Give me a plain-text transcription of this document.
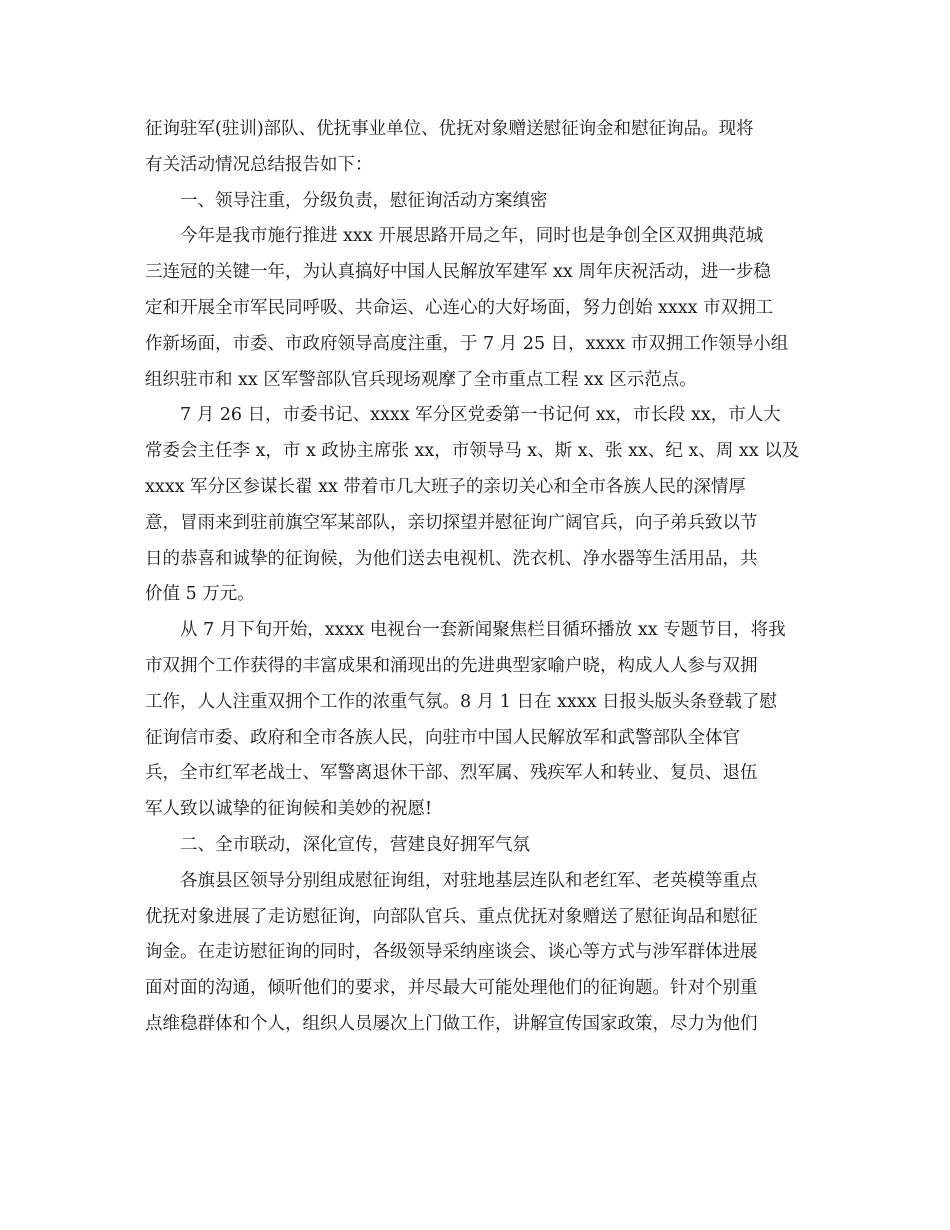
征询驻军(驻训)部队、优抚事业单位、优抚对象赠送慰征询金和慰征询品。现将
有关活动情况总结报告如下：
一、领导注重，分级负责，慰征询活动方案缜密
今年是我市施行推进 xxx 开展思路开局之年，同时也是争创全区双拥典范城
三连冠的关键一年，为认真搞好中国人民解放军建军 xx 周年庆祝活动，进一步稳
定和开展全市军民同呼吸、共命运、心连心的大好场面，努力创始 xxxx 市双拥工
作新场面，市委、市政府领导高度注重，于 7 月 25 日，xxxx 市双拥工作领导小组
组织驻市和 xx 区军警部队官兵现场观摩了全市重点工程 xx 区示范点。
7 月 26 日，市委书记、xxxx 军分区党委第一书记何 xx，市长段 xx，市人大
常委会主任李 x，市 x 政协主席张 xx，市领导马 x、斯 x、张 xx、纪 x、周 xx 以及
xxxx 军分区参谋长翟 xx 带着市几大班子的亲切关心和全市各族人民的深情厚
意，冒雨来到驻前旗空军某部队，亲切探望并慰征询广阔官兵，向子弟兵致以节
日的恭喜和诚挚的征询候，为他们送去电视机、洗衣机、净水器等生活用品，共
价值 5 万元。
从 7 月下旬开始，xxxx 电视台一套新闻聚焦栏目循环播放 xx 专题节目，将我
市双拥个工作获得的丰富成果和涌现出的先进典型家喻户晓，构成人人参与双拥
工作，人人注重双拥个工作的浓重气氛。8 月 1 日在 xxxx 日报头版头条登载了慰
征询信市委、政府和全市各族人民，向驻市中国人民解放军和武警部队全体官
兵，全市红军老战士、军警离退休干部、烈军属、残疾军人和转业、复员、退伍
军人致以诚挚的征询候和美妙的祝愿!
二、全市联动，深化宣传，营建良好拥军气氛
各旗县区领导分别组成慰征询组，对驻地基层连队和老红军、老英模等重点
优抚对象进展了走访慰征询，向部队官兵、重点优抚对象赠送了慰征询品和慰征
询金。在走访慰征询的同时，各级领导采纳座谈会、谈心等方式与涉军群体进展
面对面的沟通，倾听他们的要求，并尽最大可能处理他们的征询题。针对个别重
点维稳群体和个人，组织人员屡次上门做工作，讲解宣传国家政策，尽力为他们
